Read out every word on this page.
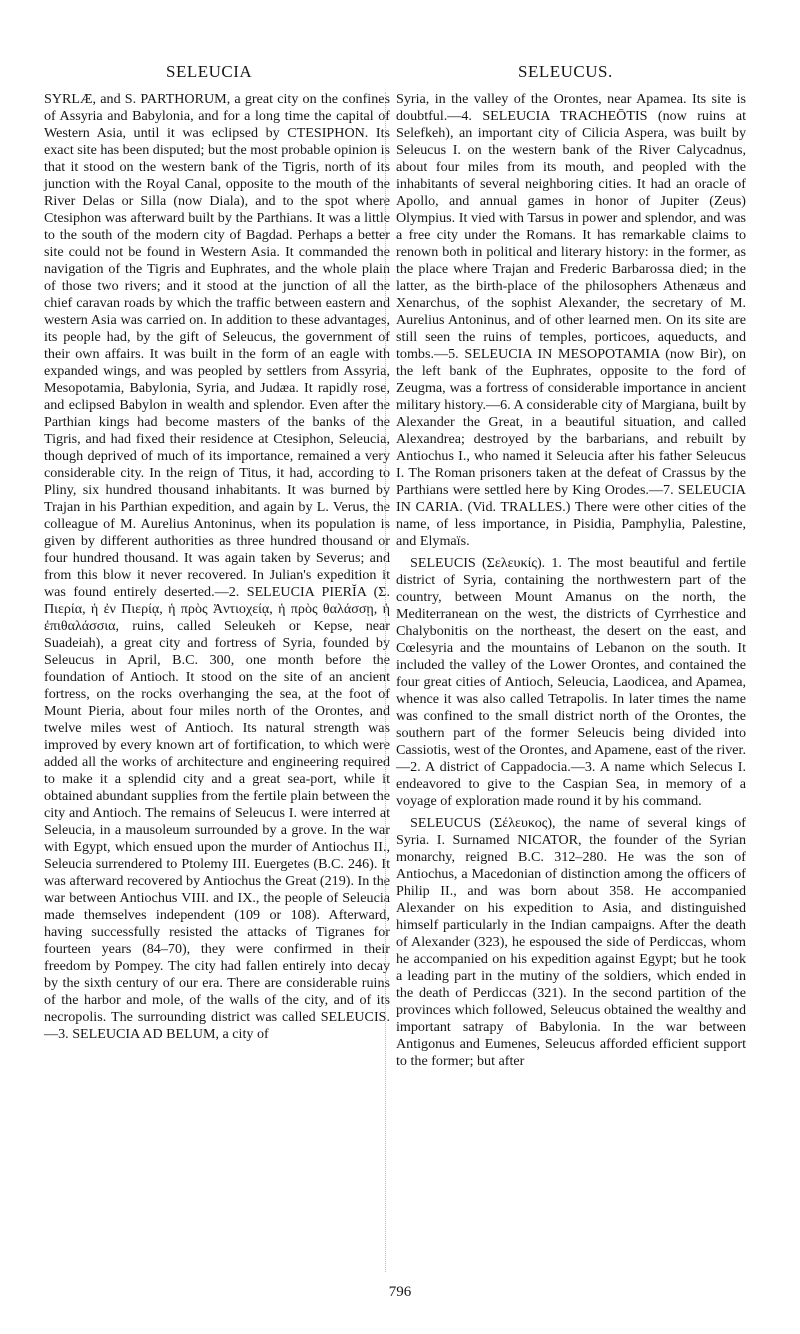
SELEUCIA	SELEUCUS.

SYRLÆ, and S. PARTHORUM, a great city on the confines of Assyria and Babylonia, and for a long time the capital of Western Asia, until it was eclipsed by CTESIPHON. Its exact site has been disputed; but the most probable opinion is that it stood on the western bank of the Tigris, north of its junction with the Royal Canal, opposite to the mouth of the River Delas or Silla (now Diala), and to the spot where Ctesiphon was afterward built by the Parthians. It was a little to the south of the modern city of Bagdad. Perhaps a better site could not be found in Western Asia. It commanded the navigation of the Tigris and Euphrates, and the whole plain of those two rivers; and it stood at the junction of all the chief caravan roads by which the traffic between eastern and western Asia was carried on. In addition to these advantages, its people had, by the gift of Seleucus, the government of their own affairs. It was built in the form of an eagle with expanded wings, and was peopled by settlers from Assyria, Mesopotamia, Babylonia, Syria, and Judæa. It rapidly rose, and eclipsed Babylon in wealth and splendor. Even after the Parthian kings had become masters of the banks of the Tigris, and had fixed their residence at Ctesiphon, Seleucia, though deprived of much of its importance, remained a very considerable city. In the reign of Titus, it had, according to Pliny, six hundred thousand inhabitants. It was burned by Trajan in his Parthian expedition, and again by L. Verus, the colleague of M. Aurelius Antoninus, when its population is given by different authorities as three hundred thousand or four hundred thousand. It was again taken by Severus; and from this blow it never recovered. In Julian's expedition it was found entirely deserted.—2. SELEUCIA PIERĬA (Σ. Πιερία, ἡ ἐν Πιερίᾳ, ἡ πρὸς Ἀντιοχείᾳ, ἡ πρὸς θαλάσσῃ, ἡ ἐπιθαλάσσια, ruins, called Seleukeh or Kepse, near Suadeiah), a great city and fortress of Syria, founded by Seleucus in April, B.C. 300, one month before the foundation of Antioch. It stood on the site of an ancient fortress, on the rocks overhanging the sea, at the foot of Mount Pieria, about four miles north of the Orontes, and twelve miles west of Antioch. Its natural strength was improved by every known art of fortification, to which were added all the works of architecture and engineering required to make it a splendid city and a great sea-port, while it obtained abundant supplies from the fertile plain between the city and Antioch. The remains of Seleucus I. were interred at Seleucia, in a mausoleum surrounded by a grove. In the war with Egypt, which ensued upon the murder of Antiochus II., Seleucia surrendered to Ptolemy III. Euergetes (B.C. 246). It was afterward recovered by Antiochus the Great (219). In the war between Antiochus VIII. and IX., the people of Seleucia made themselves independent (109 or 108). Afterward, having successfully resisted the attacks of Tigranes for fourteen years (84–70), they were confirmed in their freedom by Pompey. The city had fallen entirely into decay by the sixth century of our era. There are considerable ruins of the harbor and mole, of the walls of the city, and of its necropolis. The surrounding district was called SELEUCIS.—3. SELEUCIA AD BELUM, a city of

Syria, in the valley of the Orontes, near Apamea. Its site is doubtful.—4. SELEUCIA TRACHEŌTIS (now ruins at Selefkeh), an important city of Cilicia Aspera, was built by Seleucus I. on the western bank of the River Calycadnus, about four miles from its mouth, and peopled with the inhabitants of several neighboring cities. It had an oracle of Apollo, and annual games in honor of Jupiter (Zeus) Olympius. It vied with Tarsus in power and splendor, and was a free city under the Romans. It has remarkable claims to renown both in political and literary history: in the former, as the place where Trajan and Frederic Barbarossa died; in the latter, as the birth-place of the philosophers Athenæus and Xenarchus, of the sophist Alexander, the secretary of M. Aurelius Antoninus, and of other learned men. On its site are still seen the ruins of temples, porticoes, aqueducts, and tombs.—5. SELEUCIA IN MESOPOTAMIA (now Bir), on the left bank of the Euphrates, opposite to the ford of Zeugma, was a fortress of considerable importance in ancient military history.—6. A considerable city of Margiana, built by Alexander the Great, in a beautiful situation, and called Alexandrea; destroyed by the barbarians, and rebuilt by Antiochus I., who named it Seleucia after his father Seleucus I. The Roman prisoners taken at the defeat of Crassus by the Parthians were settled here by King Orodes.—7. SELEUCIA IN CARIA. (Vid. TRALLES.) There were other cities of the name, of less importance, in Pisidia, Pamphylia, Palestine, and Elymaïs.

SELEUCIS (Σελευκίς). 1. The most beautiful and fertile district of Syria, containing the northwestern part of the country, between Mount Amanus on the north, the Mediterranean on the west, the districts of Cyrrhestice and Chalybonitis on the northeast, the desert on the east, and Cœlesyria and the mountains of Lebanon on the south. It included the valley of the Lower Orontes, and contained the four great cities of Antioch, Seleucia, Laodicea, and Apamea, whence it was also called Tetrapolis. In later times the name was confined to the small district north of the Orontes, the southern part of the former Seleucis being divided into Cassiotis, west of the Orontes, and Apamene, east of the river.—2. A district of Cappadocia.—3. A name which Selecus I. endeavored to give to the Caspian Sea, in memory of a voyage of exploration made round it by his command.

SELEUCUS (Σέλευκος), the name of several kings of Syria. I. Surnamed NICATOR, the founder of the Syrian monarchy, reigned B.C. 312–280. He was the son of Antiochus, a Macedonian of distinction among the officers of Philip II., and was born about 358. He accompanied Alexander on his expedition to Asia, and distinguished himself particularly in the Indian campaigns. After the death of Alexander (323), he espoused the side of Perdiccas, whom he accompanied on his expedition against Egypt; but he took a leading part in the mutiny of the soldiers, which ended in the death of Perdiccas (321). In the second partition of the provinces which followed, Seleucus obtained the wealthy and important satrapy of Babylonia. In the war between Antigonus and Eumenes, Seleucus afforded efficient support to the former; but after

796
